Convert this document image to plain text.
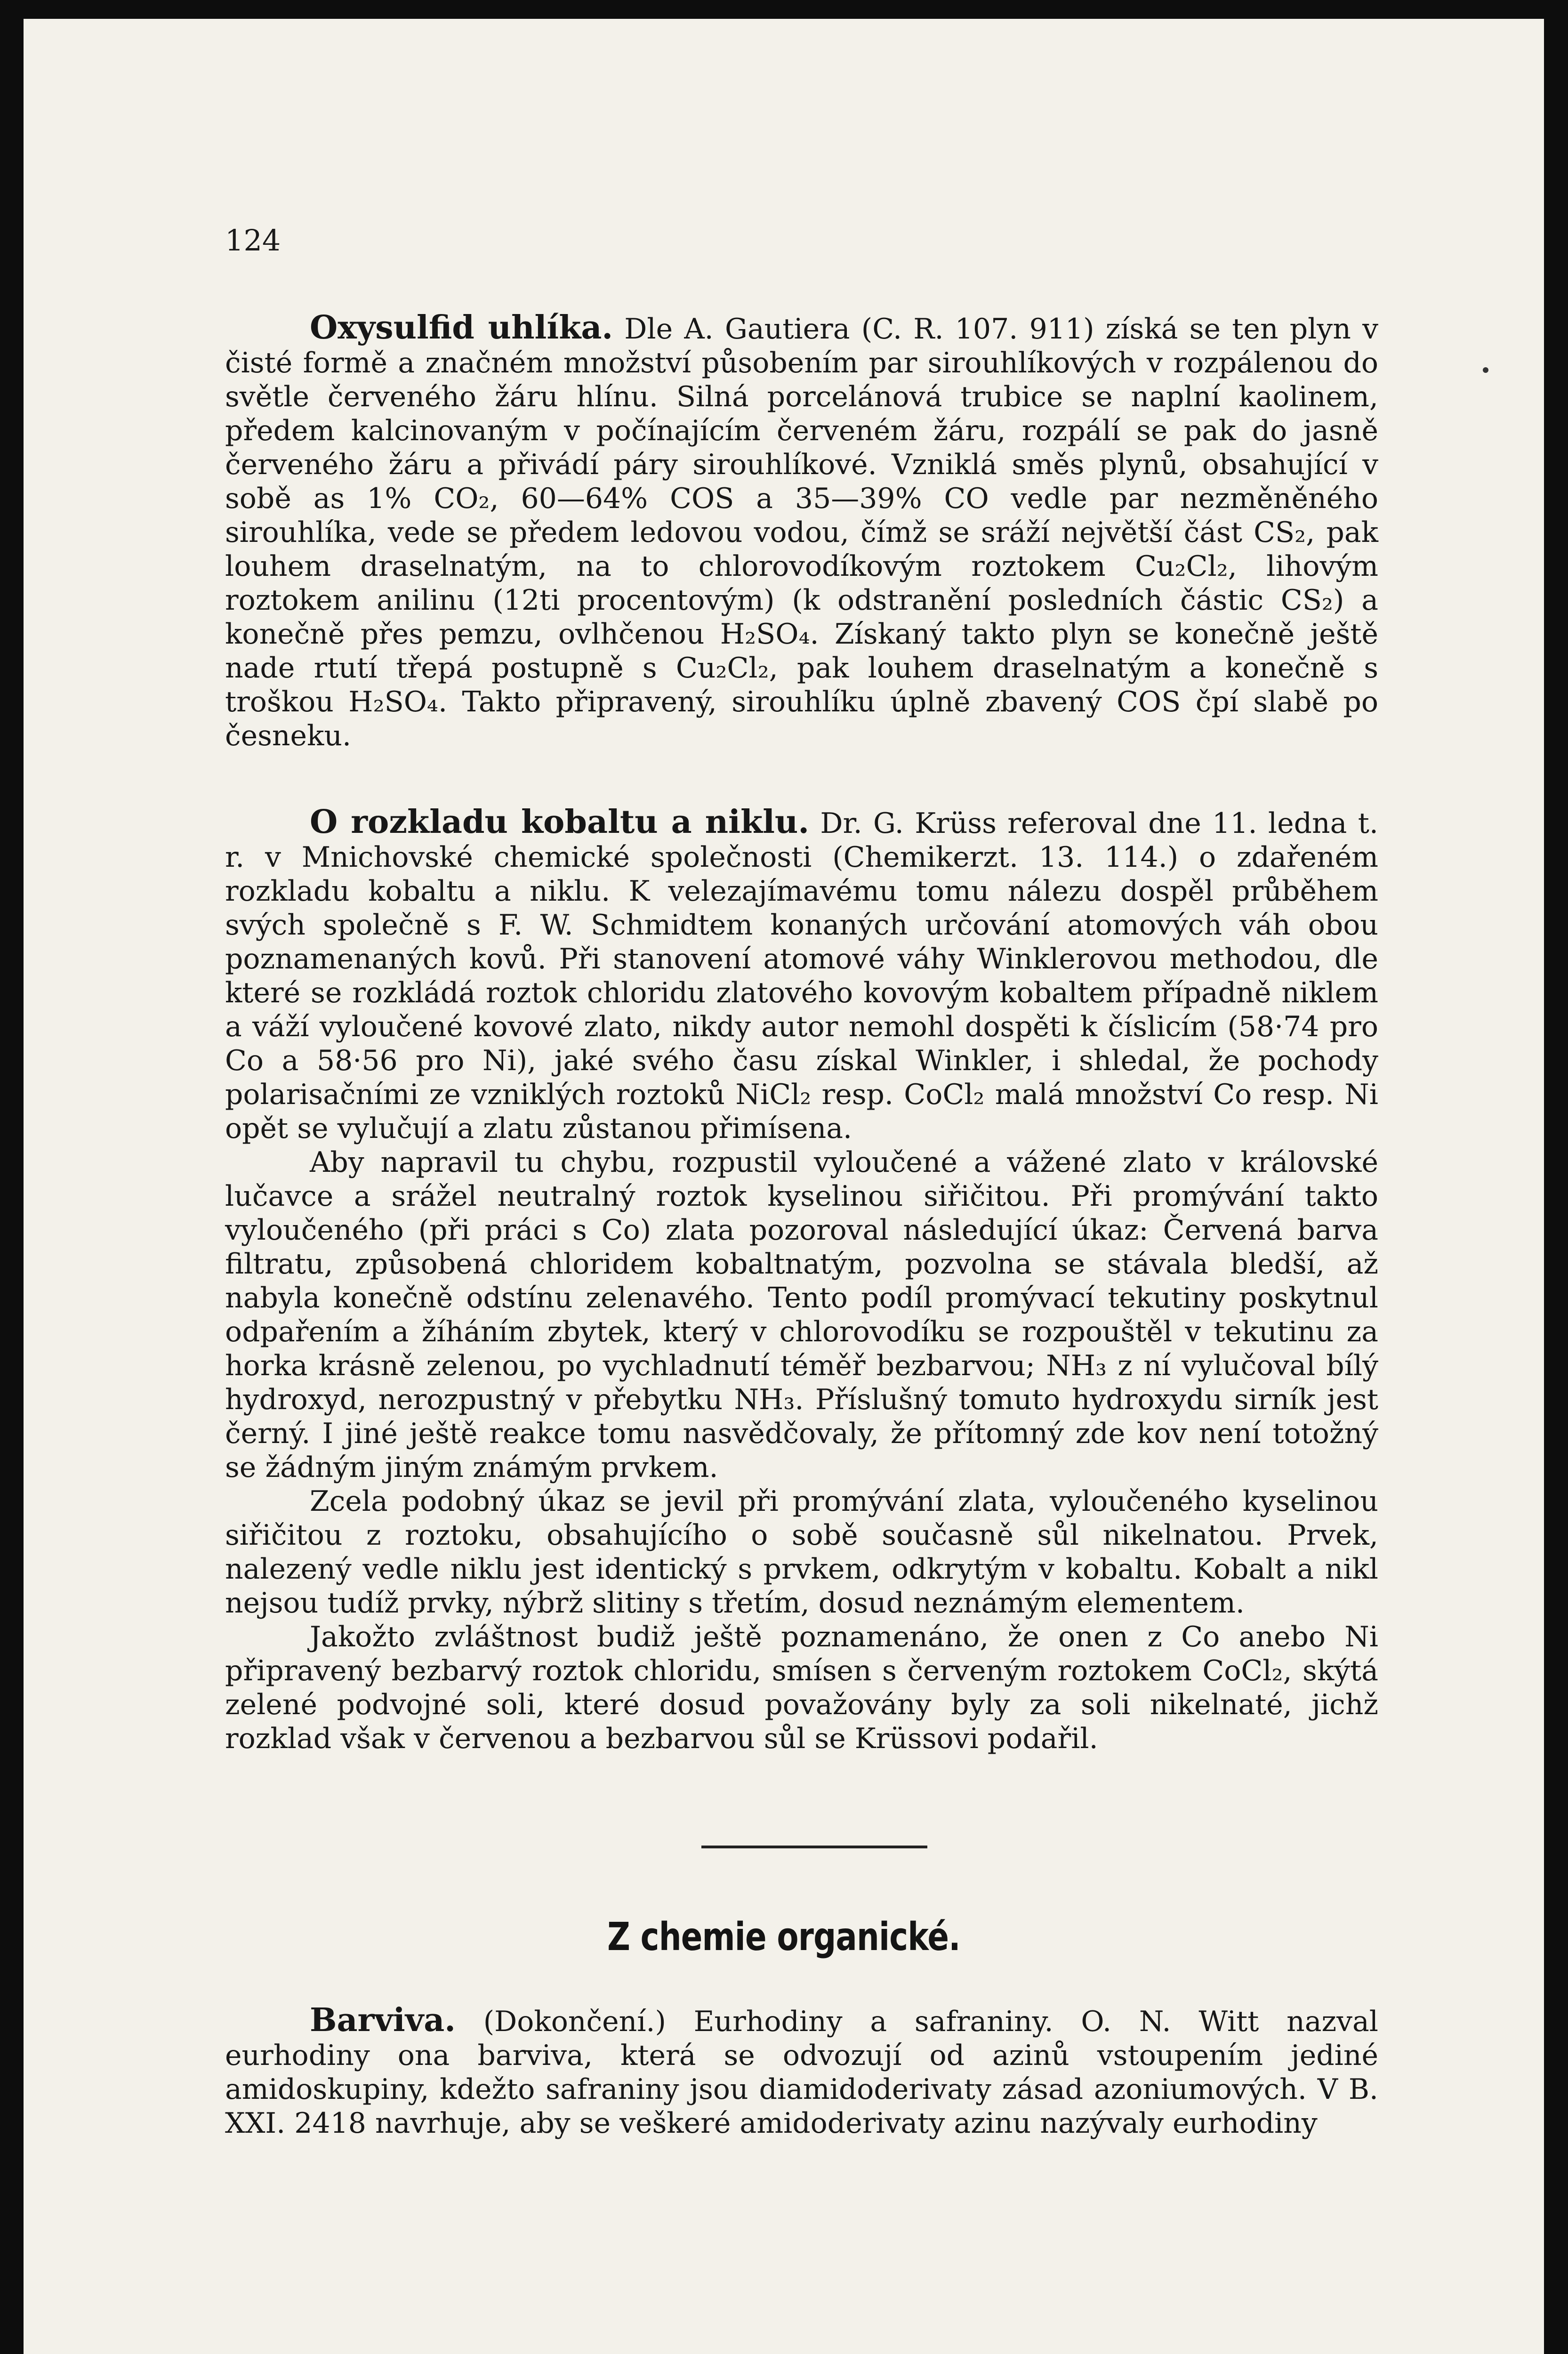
124

Oxysulfid uhlíka. Dle A. Gautiera (C. R. 107. 911) získá se ten plyn v čisté formě a značném množství působením par sirouhlíkových v rozpálenou do světle červeného žáru hlínu. Silná porcelánová trubice se naplní kaolinem, předem kalcinovaným v počínajícím červeném žáru, rozpálí se pak do jasně červeného žáru a přivádí páry sirouhlíkové. Vzniklá směs plynů, obsahující v sobě as 1% CO₂, 60—64% COS a 35—39% CO vedle par nezměněného sirouhlíka, vede se předem ledovou vodou, čímž se sráží největší část CS₂, pak louhem draselnatým, na to chlorovodíkovým roztokem Cu₂Cl₂, lihovým roztokem anilinu (12ti procentovým) (k odstranění posledních částic CS₂) a konečně přes pemzu, ovlhčenou H₂SO₄. Získaný takto plyn se konečně ještě nade rtutí třepá postupně s Cu₂Cl₂, pak louhem draselnatým a konečně s troškou H₂SO₄. Takto připravený, sirouhlíku úplně zbavený COS čpí slabě po česneku.

O rozkladu kobaltu a niklu. Dr. G. Krüss referoval dne 11. ledna t. r. v Mnichovské chemické společnosti (Chemikerzt. 13. 114.) o zdařeném rozkladu kobaltu a niklu. K velezajímavému tomu nálezu dospěl průběhem svých společně s F. W. Schmidtem konaných určování atomových váh obou poznamenaných kovů. Při stanovení atomové váhy Winklerovou methodou, dle které se rozkládá roztok chloridu zlatového kovovým kobaltem případně niklem a váží vyloučené kovové zlato, nikdy autor nemohl dospěti k číslicím (58·74 pro Co a 58·56 pro Ni), jaké svého času získal Winkler, i shledal, že pochody polarisačními ze vzniklých roztoků NiCl₂ resp. CoCl₂ malá množství Co resp. Ni opět se vylučují a zlatu zůstanou přimísena.

Aby napravil tu chybu, rozpustil vyloučené a vážené zlato v královské lučavce a srážel neutralný roztok kyselinou siřičitou. Při promývání takto vyloučeného (při práci s Co) zlata pozoroval následující úkaz: Červená barva filtratu, způsobená chloridem kobaltnatým, pozvolna se stávala bledší, až nabyla konečně odstínu zelenavého. Tento podíl promývací tekutiny poskytnul odpařením a žíháním zbytek, který v chlorovodíku se rozpouštěl v tekutinu za horka krásně zelenou, po vychladnutí téměř bezbarvou; NH₃ z ní vylučoval bílý hydroxyd, nerozpustný v přebytku NH₃. Příslušný tomuto hydroxydu sirník jest černý. I jiné ještě reakce tomu nasvědčovaly, že přítomný zde kov není totožný se žádným jiným známým prvkem.

Zcela podobný úkaz se jevil při promývání zlata, vyloučeného kyselinou siřičitou z roztoku, obsahujícího o sobě současně sůl nikelnatou. Prvek, nalezený vedle niklu jest identický s prvkem, odkrytým v kobaltu. Kobalt a nikl nejsou tudíž prvky, nýbrž slitiny s třetím, dosud neznámým elementem.

Jakožto zvláštnost budiž ještě poznamenáno, že onen z Co anebo Ni připravený bezbarvý roztok chloridu, smísen s červeným roztokem CoCl₂, skýtá zelené podvojné soli, které dosud považovány byly za soli nikelnaté, jichž rozklad však v červenou a bezbarvou sůl se Krüssovi podařil.

Z chemie organické.

Barviva. (Dokončení.) Eurhodiny a safraniny. O. N. Witt nazval eurhodiny ona barviva, která se odvozují od azinů vstoupením jediné amidoskupiny, kdežto safraniny jsou diamidoderivaty zásad azoniumových. V B. XXI. 2418 navrhuje, aby se veškeré amidoderivaty azinu nazývaly eurhodiny
